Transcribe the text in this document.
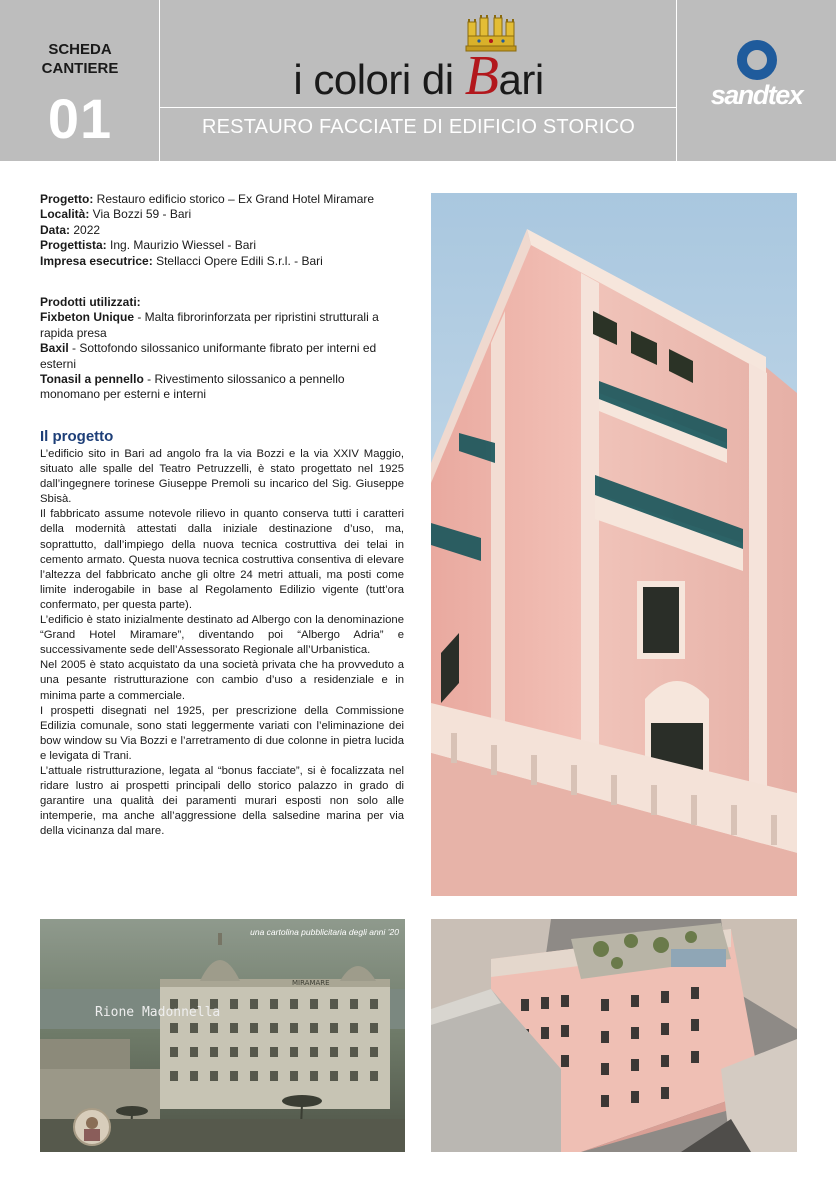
SCHEDA
CANTIERE
01
i colori di Bari
RESTAURO FACCIATE DI EDIFICIO STORICO
sandtex
Progetto: Restauro edificio storico – Ex Grand Hotel Miramare
Località: Via Bozzi 59 - Bari
Data: 2022
Progettista: Ing. Maurizio Wiessel - Bari
Impresa esecutrice: Stellacci Opere Edili S.r.l. - Bari
Prodotti utilizzati:
Fixbeton Unique - Malta fibrorinforzata per ripristini strutturali a rapida presa
Baxil - Sottofondo silossanico uniformante fibrato per interni ed esterni
Tonasil a pennello - Rivestimento silossanico a pennello monomano per esterni e interni
Il progetto

L’edificio sito in Bari ad angolo fra la via Bozzi e la via XXIV Maggio, situato alle spalle del Teatro Petruzzelli, è stato progettato nel 1925 dall’ingegnere torinese Giuseppe Premoli su incarico del Sig. Giuseppe Sbisà.

Il fabbricato assume notevole rilievo in quanto conserva tutti i caratteri della modernità attestati dalla iniziale destinazione d’uso, ma, soprattutto, dall’impiego della nuova tecnica costruttiva dei telai in cemento armato. Questa nuova tecnica costruttiva consentiva di elevare l’altezza del fabbricato anche gli oltre 24 metri attuali, ma posti come limite inderogabile in base al Regolamento Edilizio vigente (tutt’ora confermato, per questa parte).

L’edificio è stato inizialmente destinato ad Albergo con la denominazione “Grand Hotel Miramare”, diventando poi “Albergo Adria” e successivamente sede dell’Assessorato Regionale all’Urbanistica.

Nel 2005 è stato acquistato da una società privata che ha provveduto a una pesante ristrutturazione con cambio d’uso a residenziale e in minima parte a commerciale.

I prospetti disegnati nel 1925, per prescrizione della Commissione Edilizia comunale, sono stati leggermente variati con l’eliminazione dei bow window su Via Bozzi e l’arretramento di due colonne in pietra lucida e levigata di Trani.

L’attuale ristrutturazione, legata al “bonus facciate”, si è focalizzata nel ridare lustro ai prospetti principali dello storico palazzo in grado di garantire una qualità dei paramenti murari esposti non solo alle intemperie, ma anche all’aggressione della salsedine marina per via della vicinanza dal mare.

MIRAMARE
una cartolina pubblicitaria degli anni ’20
Rione Madonnella
